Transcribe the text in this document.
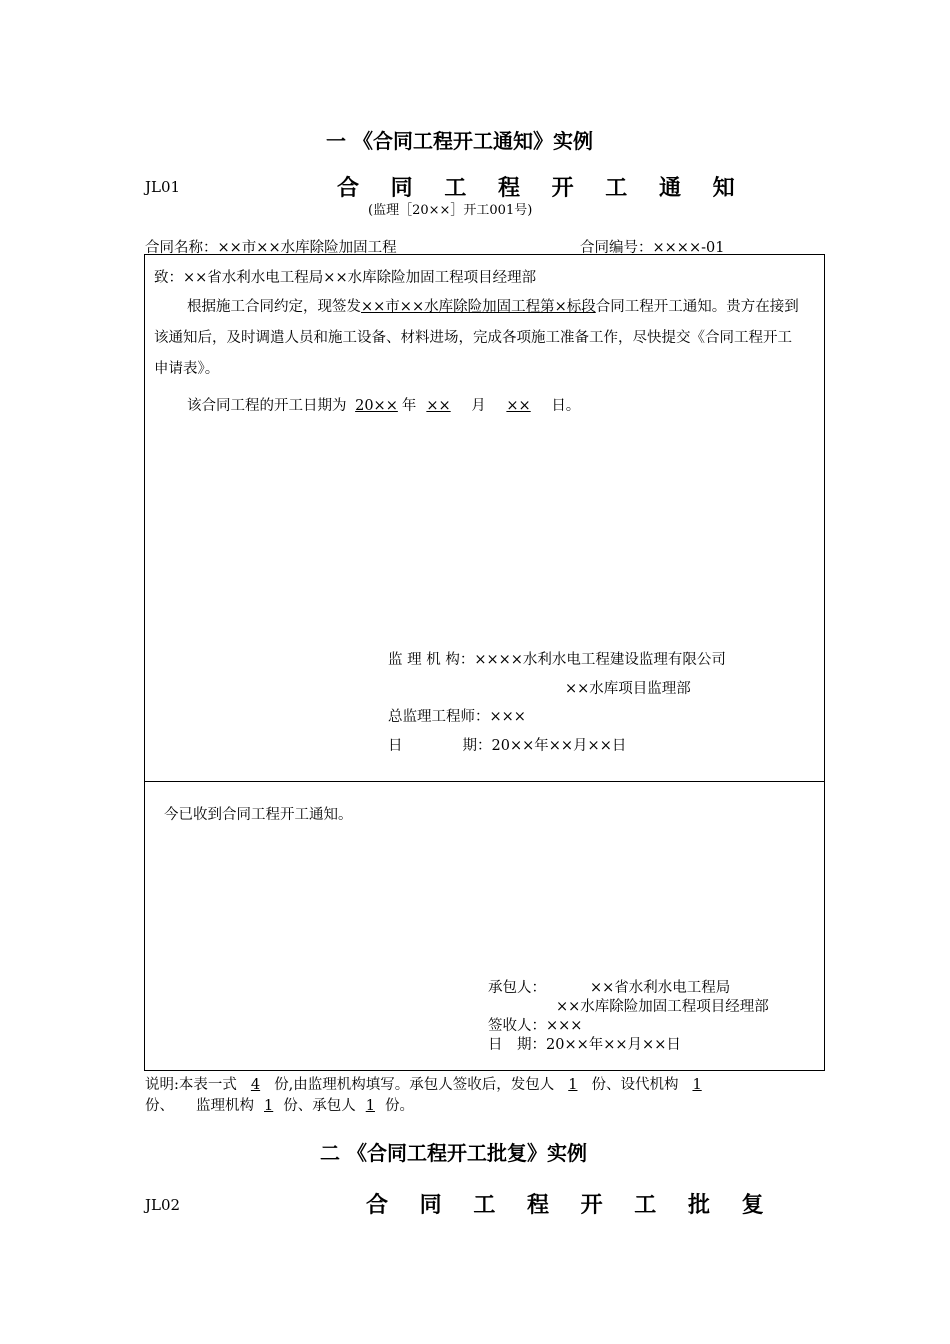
一 《合同工程开工通知》实例
JL01	合 同 工 程 开 工 通 知
(监理［20××］开工001号)
合同名称：××市××水库除险加固工程	合同编号：××××-01
致：××省水利水电工程局××水库除险加固工程项目经理部
根据施工合同约定，现签发××市××水库除险加固工程第×标段合同工程开工通知。贵方在接到该通知后，及时调遣人员和施工设备、材料进场，完成各项施工准备工作，尽快提交《合同工程开工申请表》。
该合同工程的开工日期为 20×× 年 ×× 月 ×× 日。
监 理 机 构：××××水利水电工程建设监理有限公司
××水库项目监理部
总监理工程师：×××
日	期：20××年××月××日
今已收到合同工程开工通知。
承包人：	××省水利水电工程局
××水库除险加固工程项目经理部
签收人：×××
日　期：20××年××月××日
说明:本表一式 4 份,由监理机构填写。承包人签收后，发包人 1 份、设代机构 1
份、 监理机构 1 份、承包人 1 份。
二 《合同工程开工批复》实例
JL02	合 同 工 程 开 工 批 复
